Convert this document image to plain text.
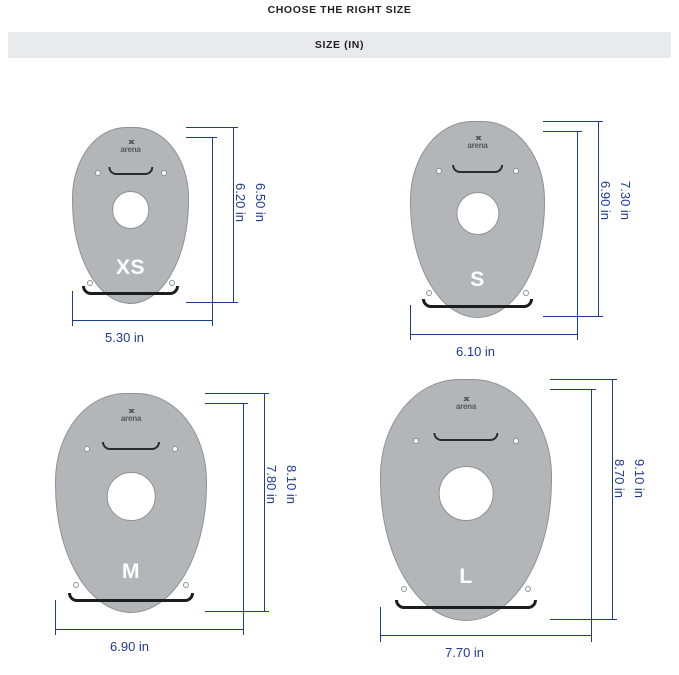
CHOOSE THE RIGHT SIZE
SIZE (IN)
arena
XS
6.50 in
6.20 in
5.30 in
arena
S
7.30 in
6.90 in
6.10 in
arena
M
8.10 in
7.80 in
6.90 in
arena
L
9.10 in
8.70 in
7.70 in
